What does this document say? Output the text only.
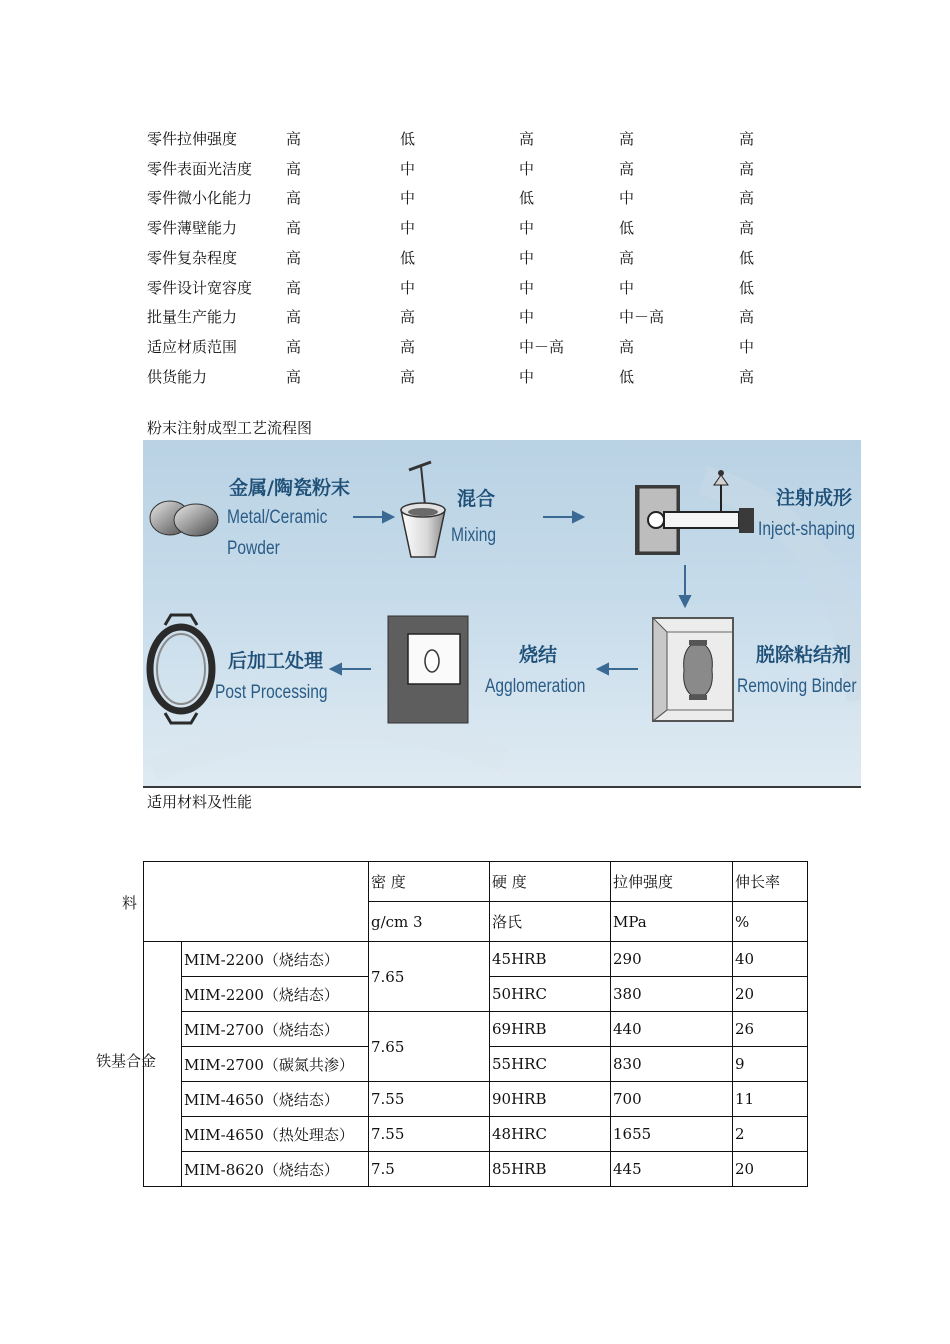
零件拉伸强度	高	低	高	高	高
零件表面光洁度 高	中	中	高	高
零件微小化能力 高	中	低	中	高
零件薄壁能力	高	中	中	低	高
零件复杂程度	高	低	中	高	低
零件设计宽容度 高	中	中	中	低
批量生产能力	高	高	中	中－高	高
适应材质范围	高	高	中－高	高	中
供货能力	高	高	中	低	高
粉末注射成型工艺流程图
金属/陶瓷粉末
Metal/Ceramic
Powder
混合
Mixing
注射成形
Inject-shaping
脱除粘结剂
Removing Binder
烧结
Agglomeration
后加工处理
Post Processing
适用材料及性能
料		密 度	硬 度	拉伸强度	伸长率
		g/cm 3	洛氏	MPa	%

铁基合金	MIM-2200（烧结态）	7.65	45HRB	290	40
	MIM-2200（烧结态）		50HRC	380	20
	MIM-2700（烧结态）	7.65	69HRB	440	26
	MIM-2700（碳氮共渗）		55HRC	830	9
	MIM-4650（烧结态）	7.55	90HRB	700	11
	MIM-4650（热处理态）	7.55	48HRC	1655	2
	MIM-8620（烧结态）	7.5	85HRB	445	20
